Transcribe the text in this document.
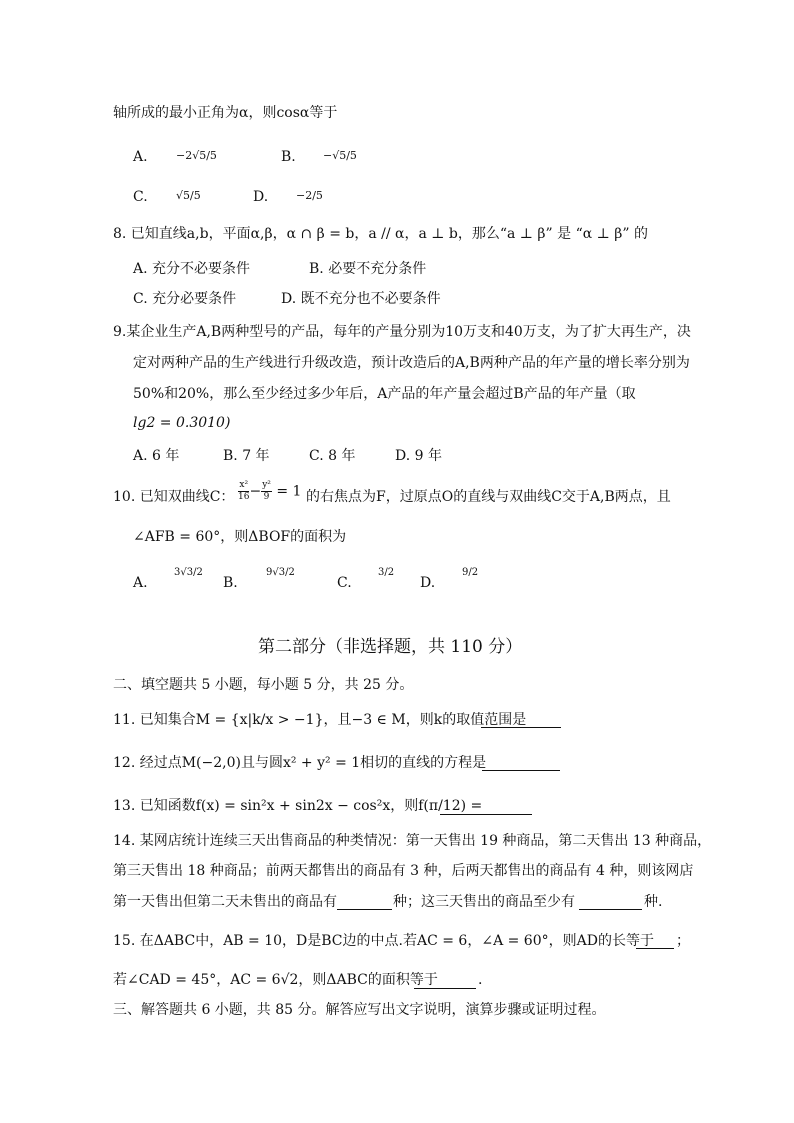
轴所成的最小正角为α，则cosα等于
A.	−2√5/5	B. −√5/5
C.	√5/5	D.	−2/5
8. 已知直线a,b，平面α,β，α ∩ β = b，a // α，a ⊥ b，那么“a ⊥ β” 是 “α ⊥ β” 的
A. 充分不必要条件	B. 必要不充分条件
C. 充分必要条件	D. 既不充分也不必要条件
9.某企业生产A,B两种型号的产品，每年的产量分别为10万支和40万支，为了扩大再生产，决
定对两种产品的生产线进行升级改造，预计改造后的A,B两种产品的年产量的增长率分别为
50%和20%，那么至少经过多少年后，A产品的年产量会超过B产品的年产量（取
lg2 = 0.3010)
A. 6 年	B. 7 年	C. 8 年	D. 9 年
10. 已知双曲线C： $\frac{\text{x²}}{16} - \frac{\text{y²}}{9} = 1$ 的右焦点为F，过原点O的直线与双曲线C交于A,B两点，且
∠AFB = 60°，则ΔBOF的面积为
A.
3√3/2
B.
9√3/2
C.
3/2
D.
9/2
第二部分（非选择题，共 110 分）
二、填空题共 5 小题，每小题 5 分，共 25 分。
11. 已知集合M = {x|k/x > −1}，且−3 ∈ M，则k的取值范围是
12. 经过点M(−2,0)且与圆x² + y² = 1相切的直线的方程是
13. 已知函数f(x) = sin²x + sin2x − cos²x，则f(π/12) =
14. 某网店统计连续三天出售商品的种类情况：第一天售出 19 种商品，第二天售出 13 种商品，
第三天售出 18 种商品；前两天都售出的商品有 3 种，后两天都售出的商品有 4 种，则该网店
第一天售出但第二天未售出的商品有	种；这三天售出的商品至少有	种.
15. 在ΔABC中，AB = 10，D是BC边的中点.若AC = 6，∠A = 60°，则AD的长等于 ；
若∠CAD = 45°，AC = 6√2，则ΔABC的面积等于	.
三、解答题共 6 小题，共 85 分。解答应写出文字说明，演算步骤或证明过程。
